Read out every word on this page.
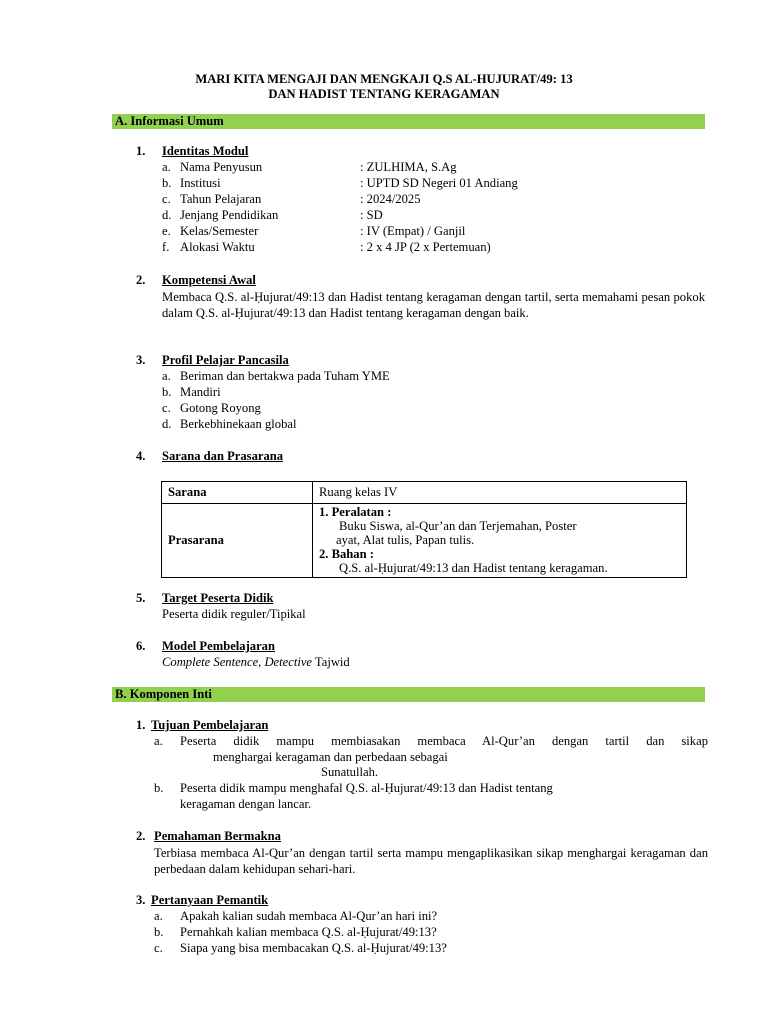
MARI KITA MENGAJI DAN MENGKAJI Q.S AL-HUJURAT/49: 13
DAN HADIST TENTANG KERAGAMAN
A. Informasi Umum
1. Identitas Modul
a. Nama Penyusun	: ZULHIMA, S.Ag
b. Institusi	: UPTD SD Negeri 01 Andiang
c. Tahun Pelajaran	: 2024/2025
d. Jenjang Pendidikan	: SD
e. Kelas/Semester	: IV (Empat) / Ganjil
f. Alokasi Waktu	: 2 x 4 JP (2 x Pertemuan)
2. Kompetensi Awal
Membaca Q.S. al-Ḥujurat/49:13 dan Hadist tentang keragaman dengan tartil, serta memahami pesan pokok dalam Q.S. al-Ḥujurat/49:13 dan Hadist tentang keragaman dengan baik.
3. Profil Pelajar Pancasila
a. Beriman dan bertakwa pada Tuham YME
b. Mandiri
c. Gotong Royong
d. Berkebhinekaan global
4. Sarana dan Prasarana
Sarana	Ruang kelas IV
Prasarana	1. Peralatan :
Buku Siswa, al-Qur’an dan Terjemahan, Poster
ayat, Alat tulis, Papan tulis.
2. Bahan :
Q.S. al-Ḥujurat/49:13 dan Hadist tentang keragaman.
5. Target Peserta Didik
Peserta didik reguler/Tipikal
6. Model Pembelajaran
Complete Sentence, Detective Tajwid
B. Komponen Inti
1. Tujuan Pembelajaran
a. Peserta didik mampu membiasakan membaca Al-Qur’an dengan tartil dan sikap
menghargai keragaman dan perbedaan sebagai
Sunatullah.
b. Peserta didik mampu menghafal Q.S. al-Ḥujurat/49:13 dan Hadist tentang
keragaman dengan lancar.
2. Pemahaman Bermakna
Terbiasa membaca Al-Qur’an dengan tartil serta mampu mengaplikasikan sikap menghargai keragaman dan perbedaan dalam kehidupan sehari-hari.
3. Pertanyaan Pemantik
a. Apakah kalian sudah membaca Al-Qur’an hari ini?
b. Pernahkah kalian membaca Q.S. al-Ḥujurat/49:13?
c. Siapa yang bisa membacakan Q.S. al-Ḥujurat/49:13?
